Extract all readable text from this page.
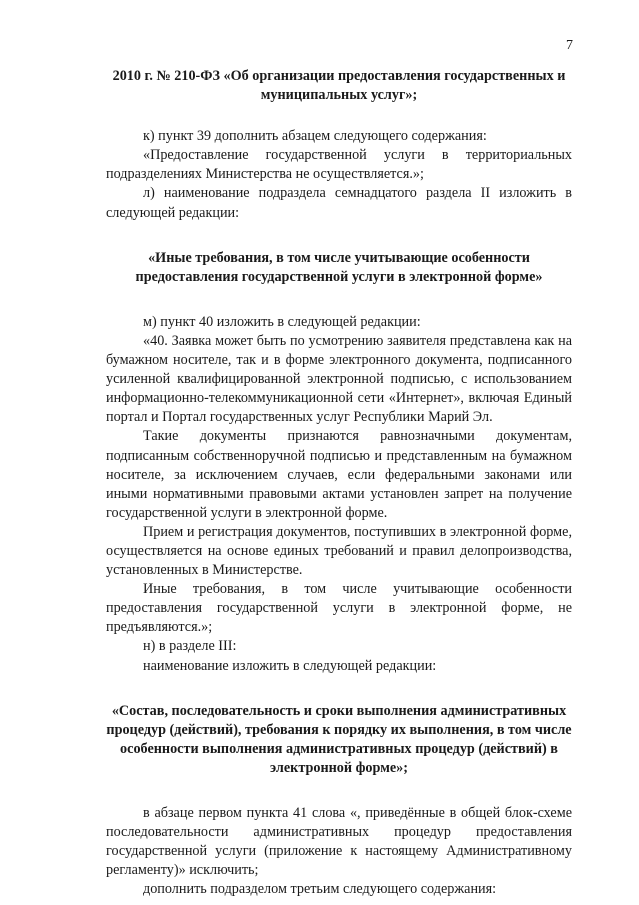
7

2010 г. № 210-ФЗ «Об организации предоставления государственных и муниципальных услуг»;

к) пункт 39 дополнить абзацем следующего содержания:

«Предоставление государственной услуги в территориальных подразделениях Министерства не осуществляется.»;

л) наименование подраздела семнадцатого раздела II изложить в следующей редакции:

«Иные требования, в том числе учитывающие особенности предоставления государственной услуги в электронной форме»

м) пункт 40 изложить в следующей редакции:

«40. Заявка может быть по усмотрению заявителя представлена как на бумажном носителе, так и в форме электронного документа, подписанного усиленной квалифицированной электронной подписью, с использованием информационно-телекоммуникационной сети «Интернет», включая Единый портал и Портал государственных услуг Республики Марий Эл.

Такие документы признаются равнозначными документам, подписанным собственноручной подписью и представленным на бумажном носителе, за исключением случаев, если федеральными законами или иными нормативными правовыми актами установлен запрет на получение государственной услуги в электронной форме.

Прием и регистрация документов, поступивших в электронной форме, осуществляется на основе единых требований и правил делопроизводства, установленных в Министерстве.

Иные требования, в том числе учитывающие особенности предоставления государственной услуги в электронной форме, не предъявляются.»;

н) в разделе III:

наименование изложить в следующей редакции:

«Состав, последовательность и сроки выполнения административных процедур (действий), требования к порядку их выполнения, в том числе особенности выполнения административных процедур (действий) в электронной форме»;

в абзаце первом пункта 41 слова «, приведённые в общей блок-схеме последовательности административных процедур предоставления государственной услуги (приложение к настоящему Административному регламенту)» исключить;

дополнить подразделом третьим следующего содержания:
